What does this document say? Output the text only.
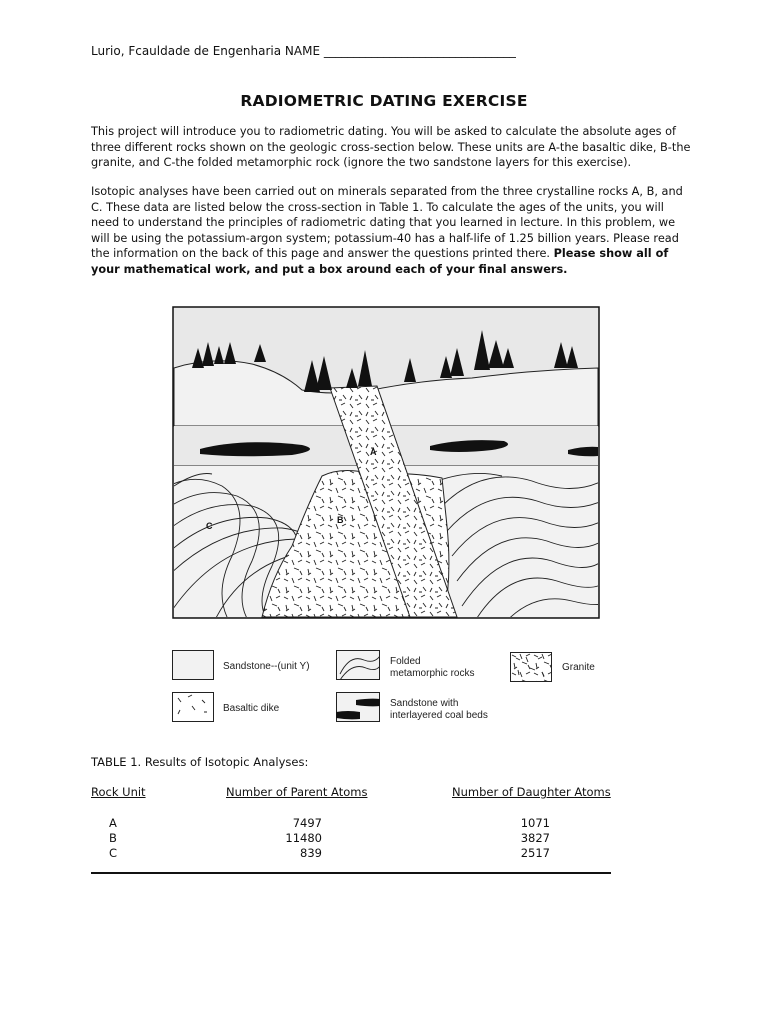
Lurio, Fcauldade de Engenharia NAME ________________________________
RADIOMETRIC DATING EXERCISE

This project will introduce you to radiometric dating. You will be asked to calculate the absolute ages of three different rocks shown on the geologic cross-section below. These units are A-the basaltic dike, B-the granite, and C-the folded metamorphic rock (ignore the two sandstone layers for this exercise).

Isotopic analyses have been carried out on minerals separated from the three crystalline rocks A, B, and C. These data are listed below the cross-section in Table 1. To calculate the ages of the units, you will need to understand the principles of radiometric dating that you learned in lecture. In this problem, we will be using the potassium-argon system; potassium-40 has a half-life of 1.25 billion years. Please read the information on the back of this page and answer the questions printed there. Please show all of your mathematical work, and put a box around each of your final answers.

A
B
C
Sandstone--(unit Y)	Folded
metamorphic rocks
Granite
Basaltic dike	Sandstone with
interlayered coal beds
TABLE 1. Results of Isotopic Analyses:
Rock Unit	Number of Parent Atoms	Number of Daughter Atoms
A	7497	1071
B	11480	3827
C	839	2517
